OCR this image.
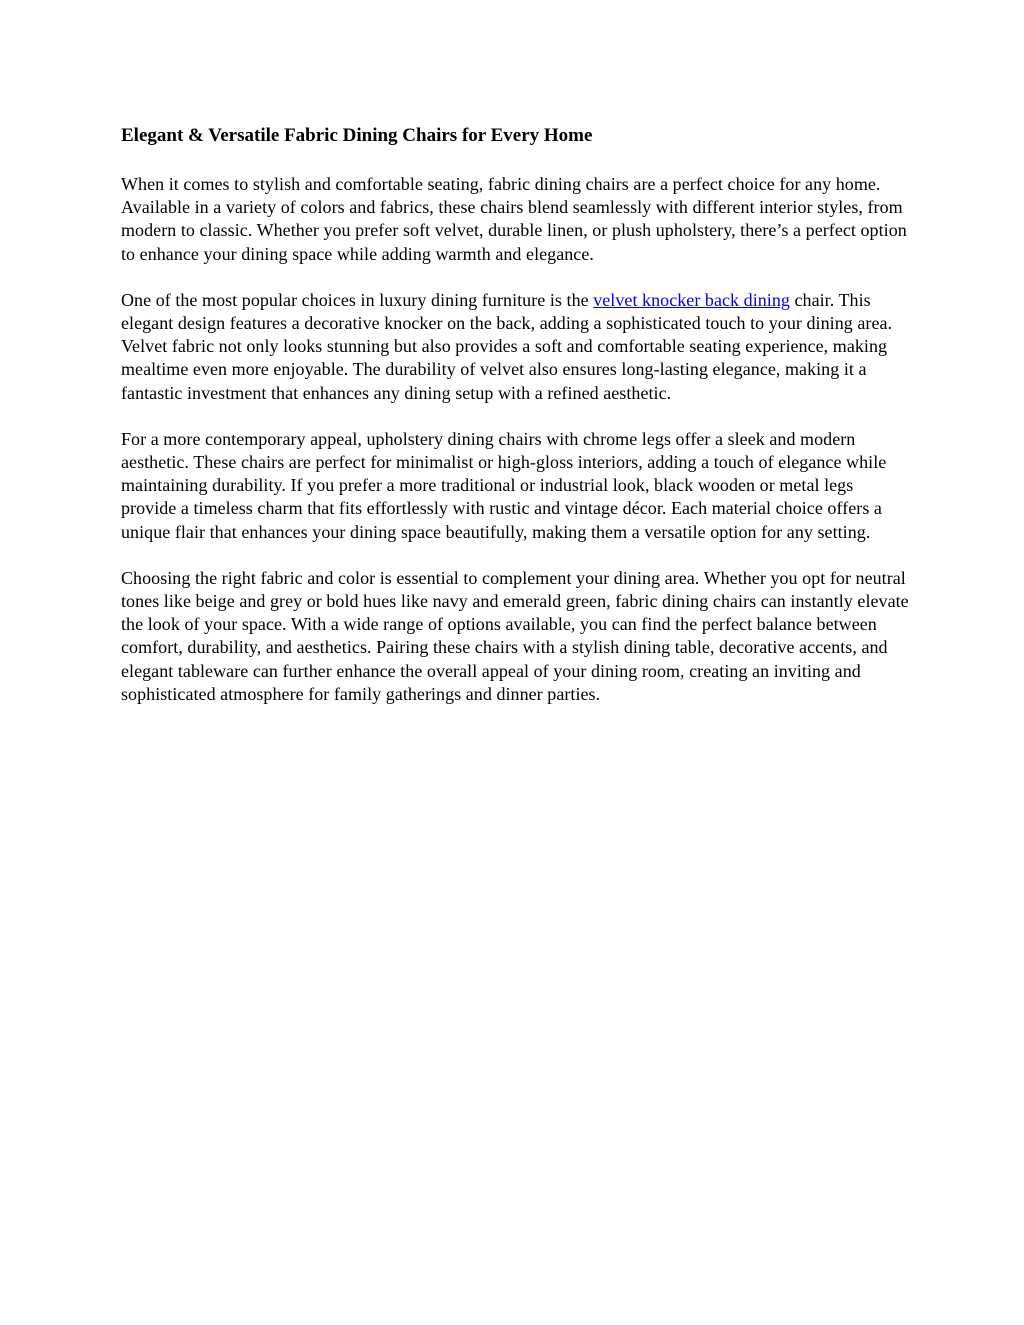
Elegant & Versatile Fabric Dining Chairs for Every Home

When it comes to stylish and comfortable seating, fabric dining chairs are a perfect choice for any home. Available in a variety of colors and fabrics, these chairs blend seamlessly with different interior styles, from modern to classic. Whether you prefer soft velvet, durable linen, or plush upholstery, there’s a perfect option to enhance your dining space while adding warmth and elegance.

One of the most popular choices in luxury dining furniture is the velvet knocker back dining chair. This elegant design features a decorative knocker on the back, adding a sophisticated touch to your dining area. Velvet fabric not only looks stunning but also provides a soft and comfortable seating experience, making mealtime even more enjoyable. The durability of velvet also ensures long-lasting elegance, making it a fantastic investment that enhances any dining setup with a refined aesthetic.

For a more contemporary appeal, upholstery dining chairs with chrome legs offer a sleek and modern aesthetic. These chairs are perfect for minimalist or high-gloss interiors, adding a touch of elegance while maintaining durability. If you prefer a more traditional or industrial look, black wooden or metal legs provide a timeless charm that fits effortlessly with rustic and vintage décor. Each material choice offers a unique flair that enhances your dining space beautifully, making them a versatile option for any setting.

Choosing the right fabric and color is essential to complement your dining area. Whether you opt for neutral tones like beige and grey or bold hues like navy and emerald green, fabric dining chairs can instantly elevate the look of your space. With a wide range of options available, you can find the perfect balance between comfort, durability, and aesthetics. Pairing these chairs with a stylish dining table, decorative accents, and elegant tableware can further enhance the overall appeal of your dining room, creating an inviting and sophisticated atmosphere for family gatherings and dinner parties.
